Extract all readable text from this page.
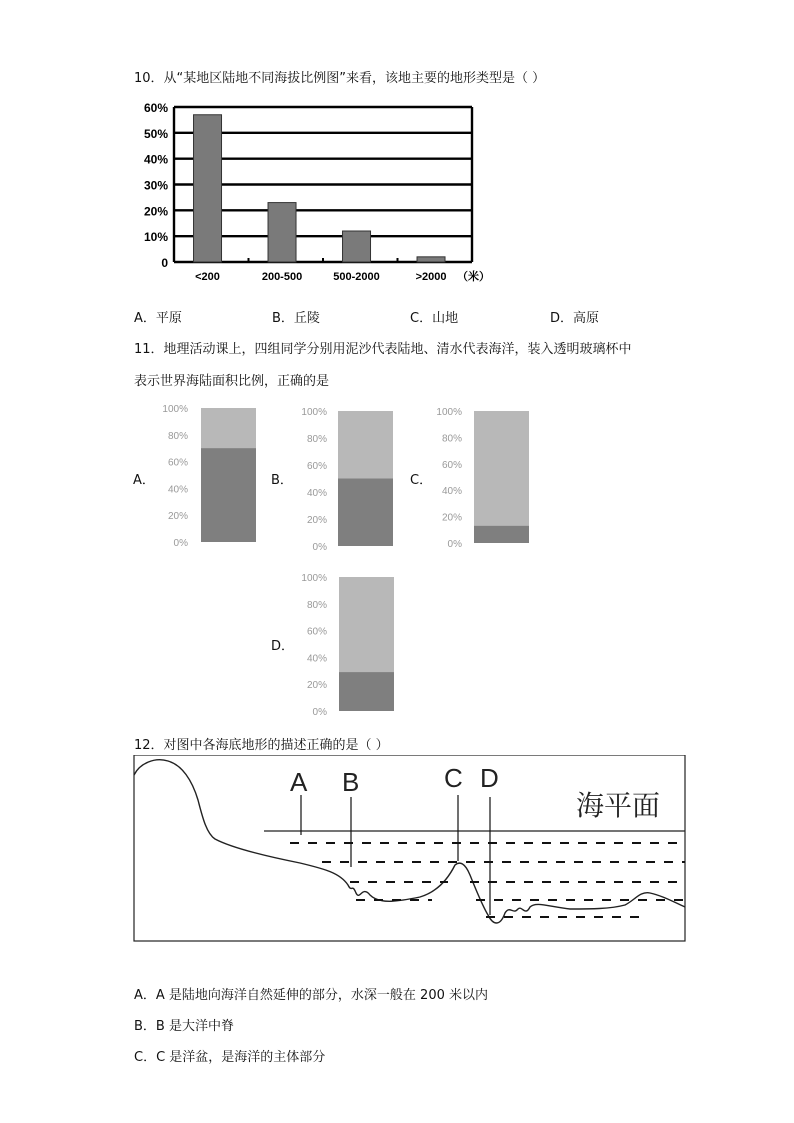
10．从“某地区陆地不同海拔比例图”来看，该地主要的地形类型是（ ）
0
10%
20%
30%
40%
50%
60%
<200	200-500	500-2000	>2000 （米）
A．平原	B．丘陵	C．山地	D．高原
11．地理活动课上，四组同学分别用泥沙代表陆地、清水代表海洋，装入透明玻璃杯中
表示世界海陆面积比例，正确的是
A．	B．	C．
D．
100%
80%
60%
40%
20%
0%
100%
80%
60%
40%
20%
0%
100%
80%
60%
40%
20%
0%
100%
80%
60%
40%
20%
0%
12．对图中各海底地形的描述正确的是（ ）
A B	C D
海平面
A．A 是陆地向海洋自然延伸的部分，水深一般在 200 米以内
B．B 是大洋中脊
C．C 是洋盆，是海洋的主体部分
